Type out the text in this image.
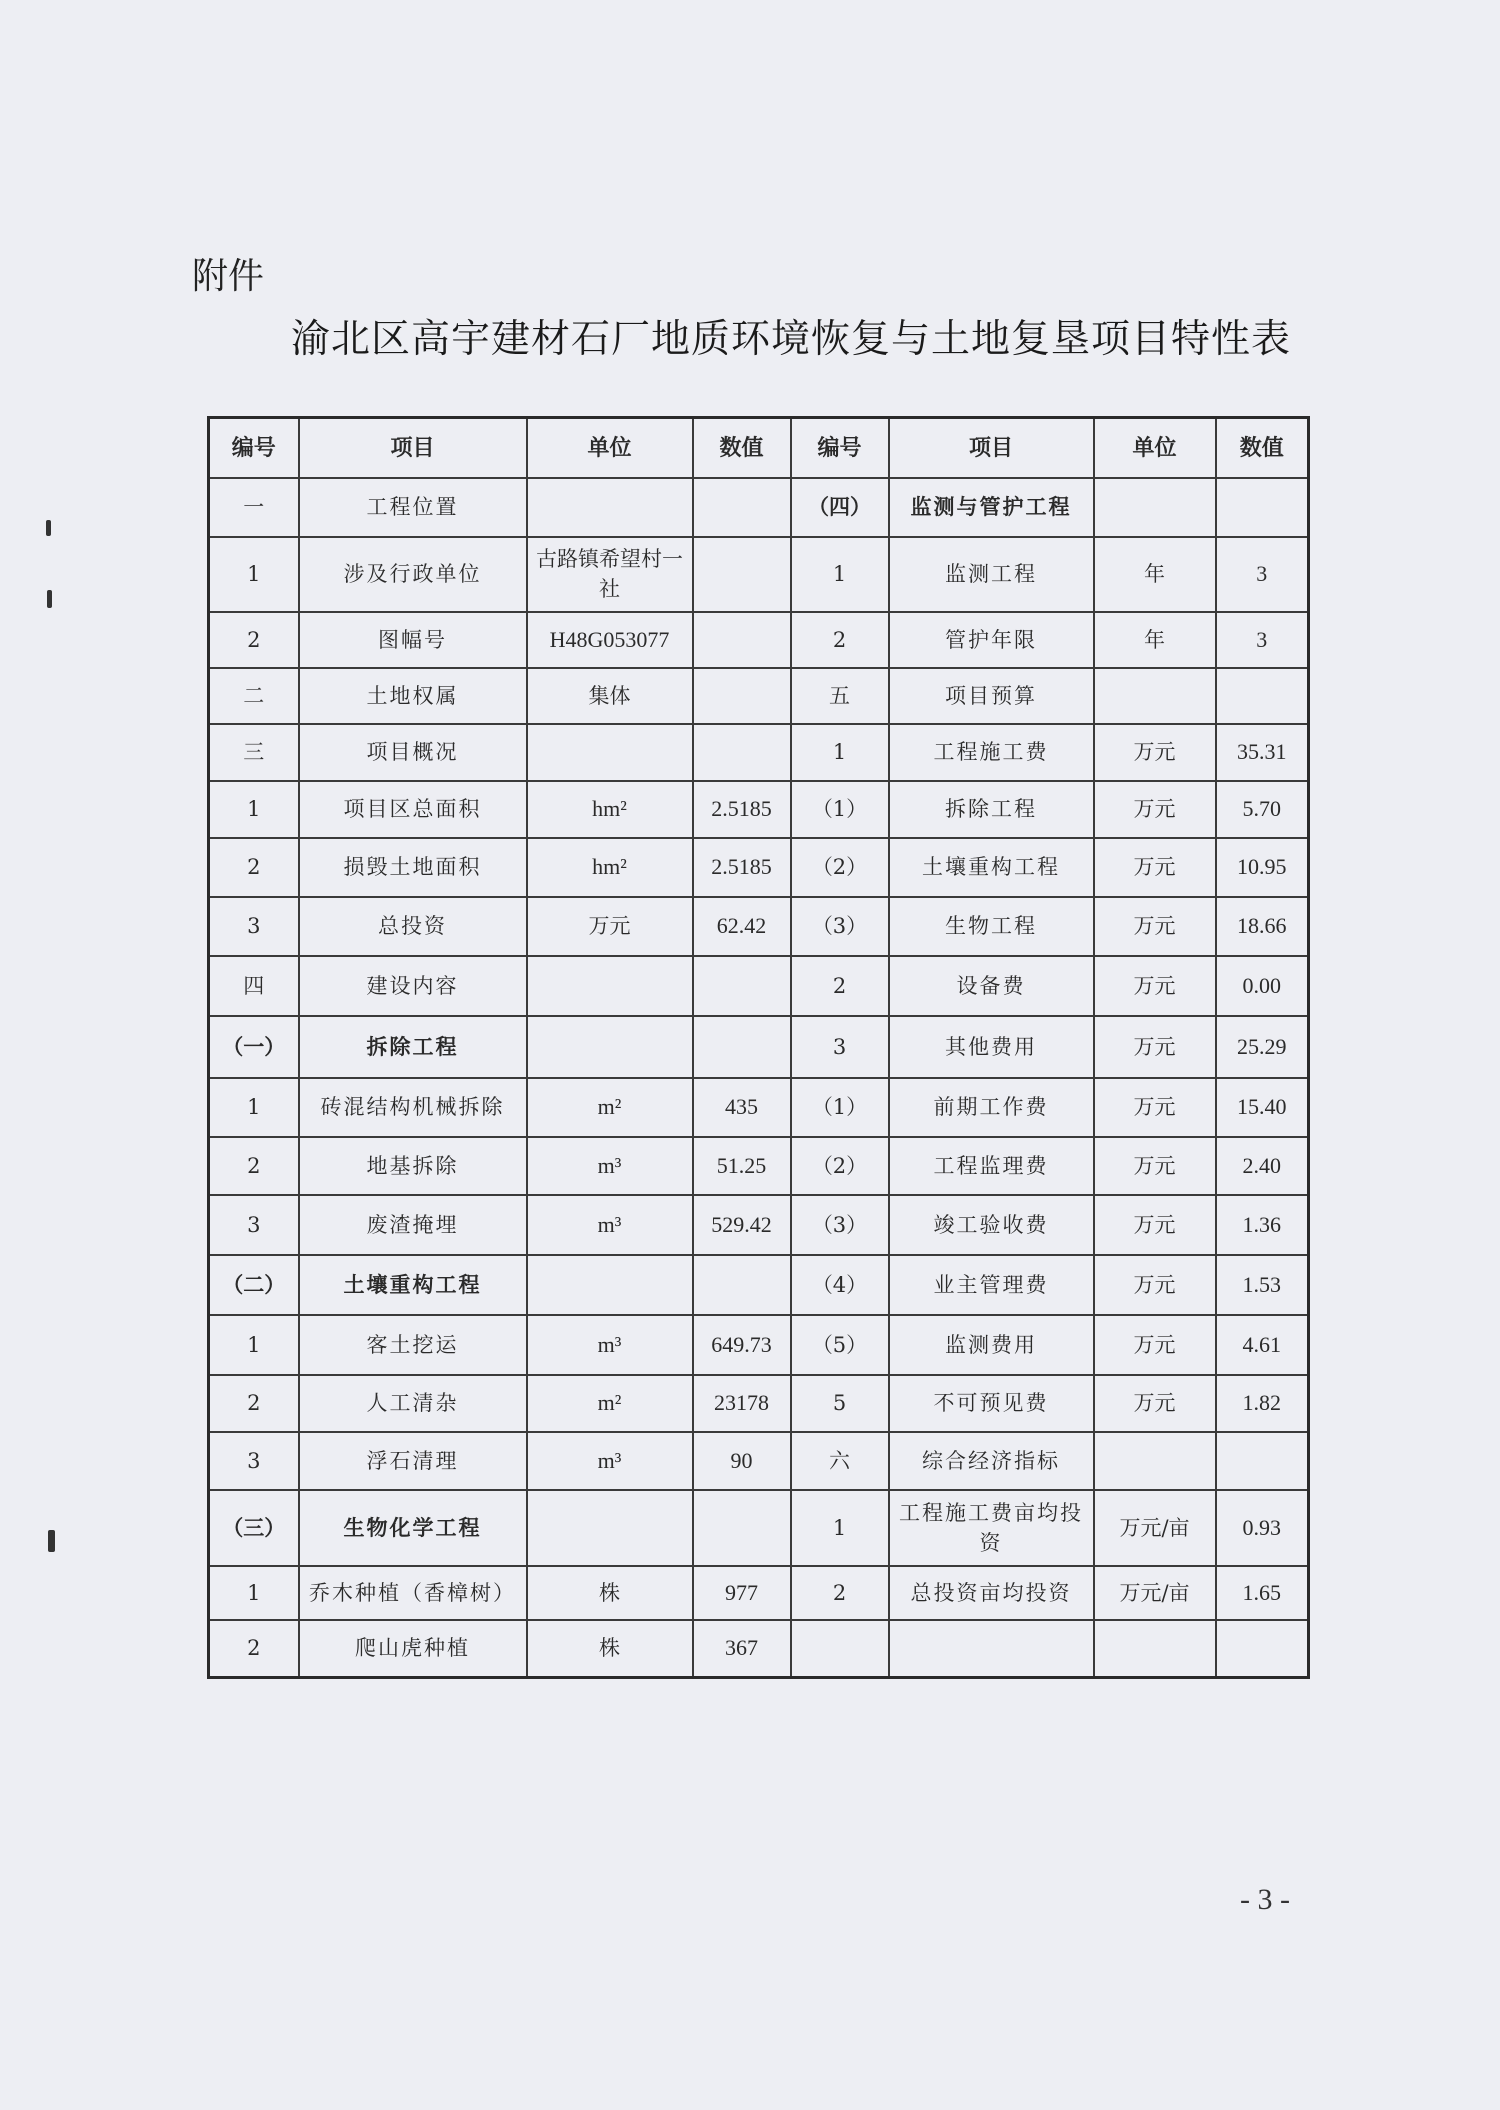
附件
渝北区高宇建材石厂地质环境恢复与土地复垦项目特性表
编号	项目	单位	数值	编号	项目	单位	数值
一	工程位置			（四）	监测与管护工程		
1	涉及行政单位	古路镇希望村一社		1	监测工程	年	3
2	图幅号	H48G053077		2	管护年限	年	3
二	土地权属	集体		五	项目预算		
三	项目概况			1	工程施工费	万元	35.31
1	项目区总面积	hm²	2.5185	（1）	拆除工程	万元	5.70
2	损毁土地面积	hm²	2.5185	（2）	土壤重构工程	万元	10.95
3	总投资	万元	62.42	（3）	生物工程	万元	18.66
四	建设内容			2	设备费	万元	0.00
（一）	拆除工程			3	其他费用	万元	25.29
1	砖混结构机械拆除	m²	435	（1）	前期工作费	万元	15.40
2	地基拆除	m³	51.25	（2）	工程监理费	万元	2.40
3	废渣掩埋	m³	529.42	（3）	竣工验收费	万元	1.36
（二）	土壤重构工程			（4）	业主管理费	万元	1.53
1	客土挖运	m³	649.73	（5）	监测费用	万元	4.61
2	人工清杂	m²	23178	5	不可预见费	万元	1.82
3	浮石清理	m³	90	六	综合经济指标		
（三）	生物化学工程			1	工程施工费亩均投资	万元/亩	0.93
1	乔木种植（香樟树）	株	977	2	总投资亩均投资	万元/亩	1.65
2	爬山虎种植	株	367				
- 3 -
